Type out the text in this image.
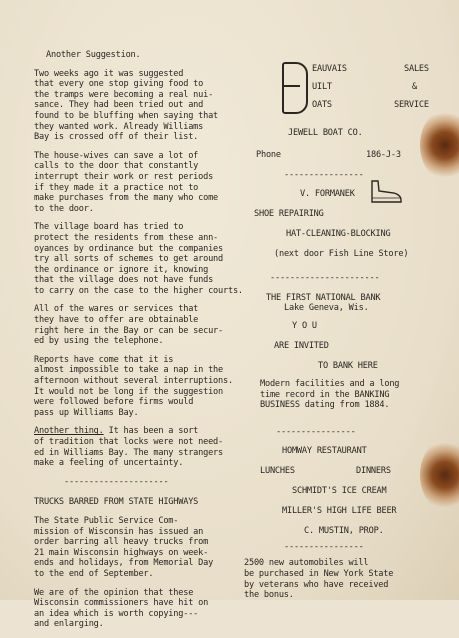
Another Suggestion.
Two weeks ago it was suggested
that every one stop giving food to
the tramps were becoming a real nui-
sance. They had been tried out and
found to be bluffing when saying that
they wanted work. Already Williams
Bay is crossed off of their list.
The house-wives can save a lot of
calls to the door that constantly
interrupt their work or rest periods
if they made it a practice not to
make purchases from the many who come
to the door.
The village board has tried to
protect the residents from these ann-
oyances by ordinance but the companies
try all sorts of schemes to get around
the ordinance or ignore it, knowing
that the village does not have funds
to carry on the case to the higher courts.
All of the wares or services that
they have to offer are obtainable
right here in the Bay or can be secur-
ed by using the telephone.
Reports have come that it is
almost impossible to take a nap in the
afternoon without several interruptions.
It would not be long if the suggestion
were followed before firms would
pass up Williams Bay.
Another thing. It has been a sort
of tradition that locks were not need-
ed in Williams Bay. The many strangers
make a feeling of uncertainty.
---------------------
TRUCKS BARRED FROM STATE HIGHWAYS
The State Public Service Com-
mission of Wisconsin has issued an
order barring all heavy trucks from
21 main Wisconsin highways on week-
ends and holidays, from Memorial Day
to the end of September.
We are of the opinion that these
Wisconsin commissioners have hit on
an idea which is worth copying---
and enlarging.
EAUVAIS	SALES
UILT	&
OATS	SERVICE
JEWELL BOAT CO.
Phone	186-J-3
----------------
V. FORMANEK
SHOE REPAIRING
HAT-CLEANING-BLOCKING
(next door Fish Line Store)
----------------------
THE FIRST NATIONAL BANK
Lake Geneva, Wis.
Y O U
ARE INVITED
TO BANK HERE
Modern facilities and a long
time record in the BANKING
BUSINESS dating from 1884.
----------------
HOMWAY RESTAURANT
LUNCHES	DINNERS
SCHMIDT'S ICE CREAM
MILLER'S HIGH LIFE BEER
C. MUSTIN, PROP.
----------------
2500 new automobiles will
be purchased in New York State
by veterans who have received
the bonus.
